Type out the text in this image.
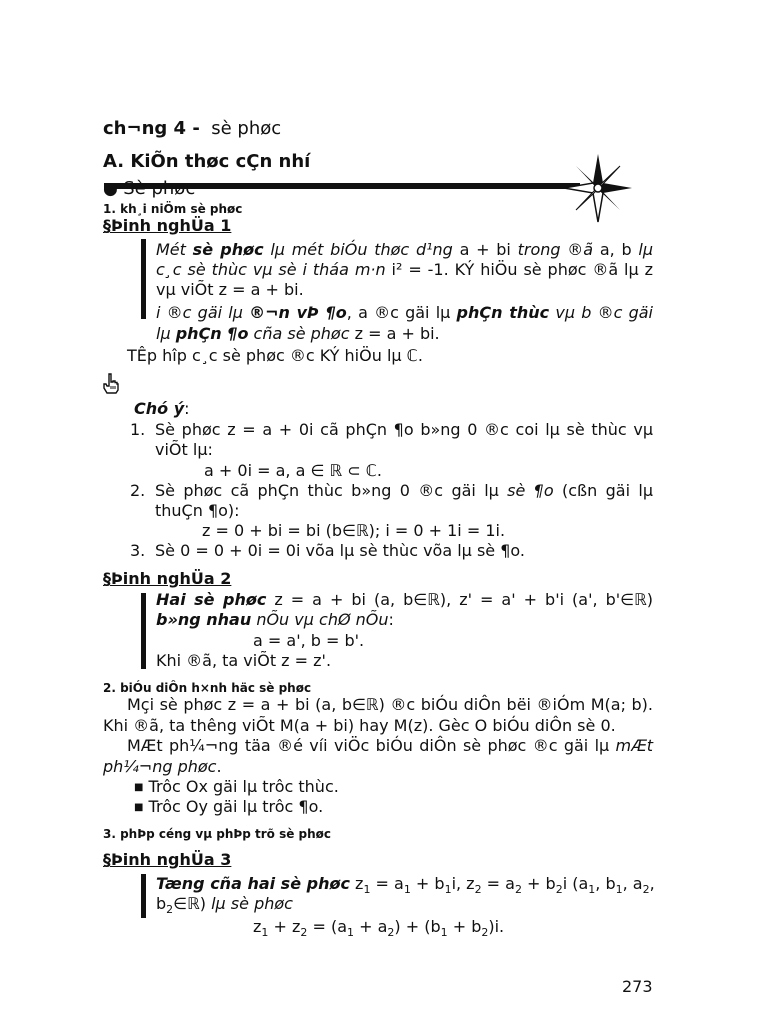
ch¬ng 4 - sè phøc
A. KiÕn thøc cÇn nhí
● Sè phøc
1. kh¸i niÖm sè phøc
§Þinh nghÜa 1
Mét sè phøc lµ mét biÓu thøc d¹ng a + bi trong ®ã a, b lµ
c¸c sè thùc vµ sè i tháa m·n i² = -1. KÝ hiÖu sè phøc ®ã lµ z
vµ viÕt z = a + bi.
i ®c gäi lµ ®¬n vÞ ¶o, a ®c gäi lµ phÇn thùc vµ b ®c gäi
lµ phÇn ¶o cña sè phøc z = a + bi.
TÊp hîp c¸c sè phøc ®c KÝ hiÖu lµ ℂ.
Chó ý:
1. Sè phøc z = a + 0i cã phÇn ¶o b»ng 0 ®c coi lµ sè thùc vµ
viÕt lµ:
a + 0i = a, a ∈ ℝ ⊂ ℂ.
2. Sè phøc cã phÇn thùc b»ng 0 ®c gäi lµ sè ¶o (cßn gäi lµ
thuÇn ¶o):
z = 0 + bi = bi (b∈ℝ); i = 0 + 1i = 1i.
3. Sè 0 = 0 + 0i = 0i võa lµ sè thùc võa lµ sè ¶o.
§Þinh nghÜa 2
Hai sè phøc z = a + bi (a, b∈ℝ), z' = a' + b'i (a', b'∈ℝ)
b»ng nhau nÕu vµ chØ nÕu:
a = a', b = b'.
Khi ®ã, ta viÕt z = z'.
2. biÓu diÔn h×nh häc sè phøc
Mçi sè phøc z = a + bi (a, b∈ℝ) ®c biÓu diÔn bëi ®iÓm M(a; b).
Khi ®ã, ta thêng viÕt M(a + bi) hay M(z). Gèc O biÓu diÔn sè 0.
MÆt ph¼¬ng täa ®é víi viÖc biÓu diÔn sè phøc ®c gäi lµ mÆt
ph¼¬ng phøc.
■ Trôc Ox gäi lµ trôc thùc.
■ Trôc Oy gäi lµ trôc ¶o.
3. phÞp céng vµ phÞp trõ sè phøc
§Þinh nghÜa 3
Tæng cña hai sè phøc $z_1 = a_1 + b_1i$, $z_2 = a_2 + b_2i$ ($a_1$, $b_1$, $a_2$,
$b_2\in ℝ$) lµ sè phøc
$z_1 + z_2 = (a_1 + a_2) + (b_1 + b_2)i$.
273
